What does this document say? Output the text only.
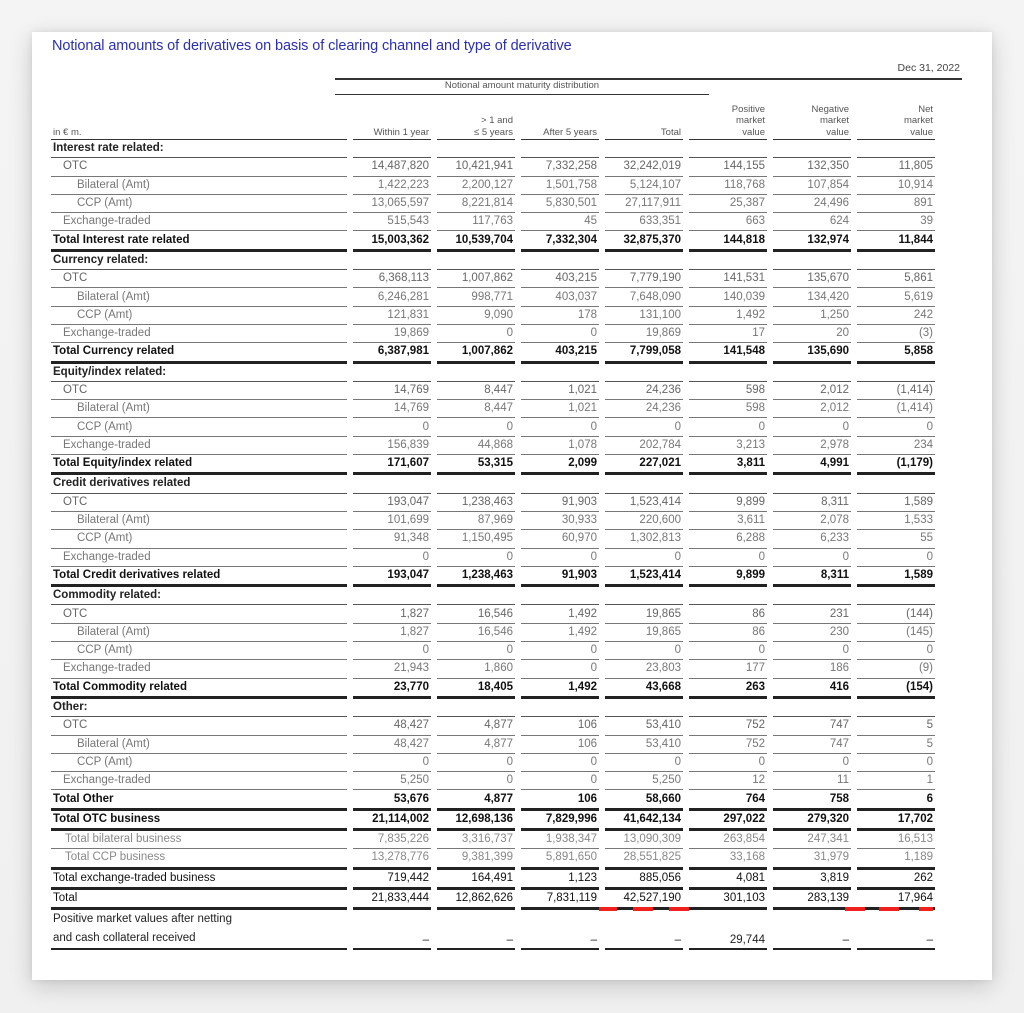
Notional amounts of derivatives on basis of clearing channel and type of derivative
Dec 31, 2022
Notional amount maturity distribution
in € m.	Within 1 year	> 1 and
≤ 5 years	After 5 years	Total	Positive
market
value	Negative
market
value	Net
market
value
Interest rate related:							
OTC	14,487,820	10,421,941	7,332,258	32,242,019	144,155	132,350	11,805
Bilateral (Amt)	1,422,223	2,200,127	1,501,758	5,124,107	118,768	107,854	10,914
CCP (Amt)	13,065,597	8,221,814	5,830,501	27,117,911	25,387	24,496	891
Exchange-traded	515,543	117,763	45	633,351	663	624	39
Total Interest rate related	15,003,362	10,539,704	7,332,304	32,875,370	144,818	132,974	11,844
Currency related:							
OTC	6,368,113	1,007,862	403,215	7,779,190	141,531	135,670	5,861
Bilateral (Amt)	6,246,281	998,771	403,037	7,648,090	140,039	134,420	5,619
CCP (Amt)	121,831	9,090	178	131,100	1,492	1,250	242
Exchange-traded	19,869	0	0	19,869	17	20	(3)
Total Currency related	6,387,981	1,007,862	403,215	7,799,058	141,548	135,690	5,858
Equity/index related:							
OTC	14,769	8,447	1,021	24,236	598	2,012	(1,414)
Bilateral (Amt)	14,769	8,447	1,021	24,236	598	2,012	(1,414)
CCP (Amt)	0	0	0	0	0	0	0
Exchange-traded	156,839	44,868	1,078	202,784	3,213	2,978	234
Total Equity/index related	171,607	53,315	2,099	227,021	3,811	4,991	(1,179)
Credit derivatives related							
OTC	193,047	1,238,463	91,903	1,523,414	9,899	8,311	1,589
Bilateral (Amt)	101,699	87,969	30,933	220,600	3,611	2,078	1,533
CCP (Amt)	91,348	1,150,495	60,970	1,302,813	6,288	6,233	55
Exchange-traded	0	0	0	0	0	0	0
Total Credit derivatives related	193,047	1,238,463	91,903	1,523,414	9,899	8,311	1,589
Commodity related:							
OTC	1,827	16,546	1,492	19,865	86	231	(144)
Bilateral (Amt)	1,827	16,546	1,492	19,865	86	230	(145)
CCP (Amt)	0	0	0	0	0	0	0
Exchange-traded	21,943	1,860	0	23,803	177	186	(9)
Total Commodity related	23,770	18,405	1,492	43,668	263	416	(154)
Other:							
OTC	48,427	4,877	106	53,410	752	747	5
Bilateral (Amt)	48,427	4,877	106	53,410	752	747	5
CCP (Amt)	0	0	0	0	0	0	0
Exchange-traded	5,250	0	0	5,250	12	11	1
Total Other	53,676	4,877	106	58,660	764	758	6
Total OTC business	21,114,002	12,698,136	7,829,996	41,642,134	297,022	279,320	17,702
Total bilateral business	7,835,226	3,316,737	1,938,347	13,090,309	263,854	247,341	16,513
Total CCP business	13,278,776	9,381,399	5,891,650	28,551,825	33,168	31,979	1,189
Total exchange-traded business	719,442	164,491	1,123	885,056	4,081	3,819	262
Total	21,833,444	12,862,626	7,831,119	42,527,190	301,103	283,139	17,964
Positive market values after netting
and cash collateral received	–	–	–	–	29,744	–	–
